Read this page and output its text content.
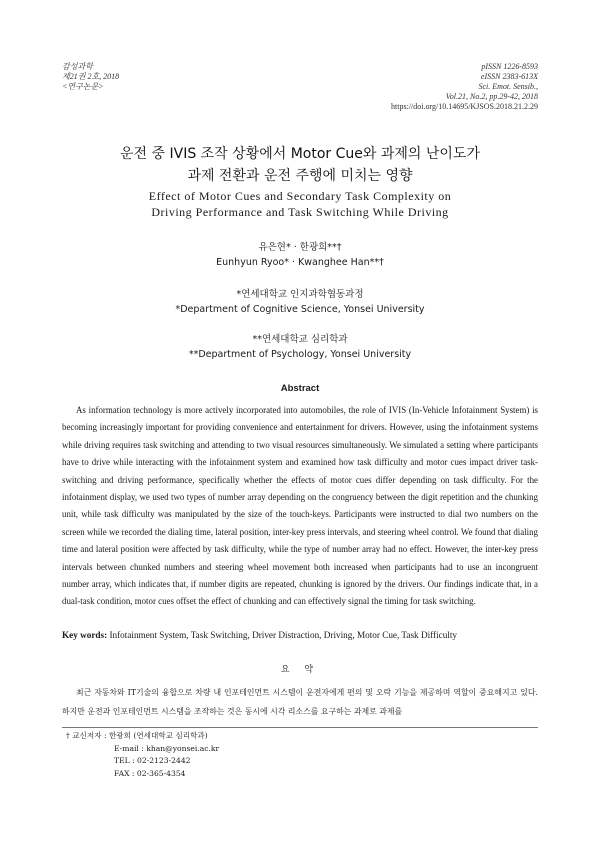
감성과학
제21권 2호, 2018
<연구논문>
pISSN 1226-8593
eISSN 2383-613X
Sci. Emot. Sensib.,
Vol.21, No.2, pp.29-42, 2018
https://doi.org/10.14695/KJSOS.2018.21.2.29
운전 중 IVIS 조작 상황에서 Motor Cue와 과제의 난이도가
과제 전환과 운전 주행에 미치는 영향
Effect of Motor Cues and Secondary Task Complexity on
Driving Performance and Task Switching While Driving
유은현* · 한광희**†
Eunhyun Ryoo* · Kwanghee Han**†
*연세대학교 인지과학협동과정
*Department of Cognitive Science, Yonsei University
**연세대학교 심리학과
**Department of Psychology, Yonsei University
Abstract

As information technology is more actively incorporated into automobiles, the role of IVIS (In-Vehicle Infotainment System) is becoming increasingly important for providing convenience and entertainment for drivers. However, using the infotainment systems while driving requires task switching and attending to two visual resources simultaneously. We simulated a setting where participants have to drive while interacting with the infotainment system and examined how task difficulty and motor cues impact driver task-switching and driving performance, specifically whether the effects of motor cues differ depending on task difficulty. For the infotainment display, we used two types of number array depending on the congruency between the digit repetition and the chunking unit, while task difficulty was manipulated by the size of the touch-keys. Participants were instructed to dial two numbers on the screen while we recorded the dialing time, lateral position, inter-key press intervals, and steering wheel control. We found that dialing time and lateral position were affected by task difficulty, while the type of number array had no effect. However, the inter-key press intervals between chunked numbers and steering wheel movement both increased when participants had to use an incongruent number array, which indicates that, if number digits are repeated, chunking is ignored by the drivers. Our findings indicate that, in a dual-task condition, motor cues offset the effect of chunking and can effectively signal the timing for task switching.

Key words: Infotainment System, Task Switching, Driver Distraction, Driving, Motor Cue, Task Difficulty
요 약

최근 자동차와 IT기술의 융합으로 차량 내 인포테인먼트 시스템이 운전자에게 편의 및 오락 기능을 제공하며 역할이 중요해지고 있다. 하지만 운전과 인포테인먼트 시스템을 조작하는 것은 동시에 시각 리소스를 요구하는 과제로 과제를

† 교신저자 : 한광희 (연세대학교 심리학과)
E-mail : khan@yonsei.ac.kr
TEL : 02-2123-2442
FAX : 02-365-4354
